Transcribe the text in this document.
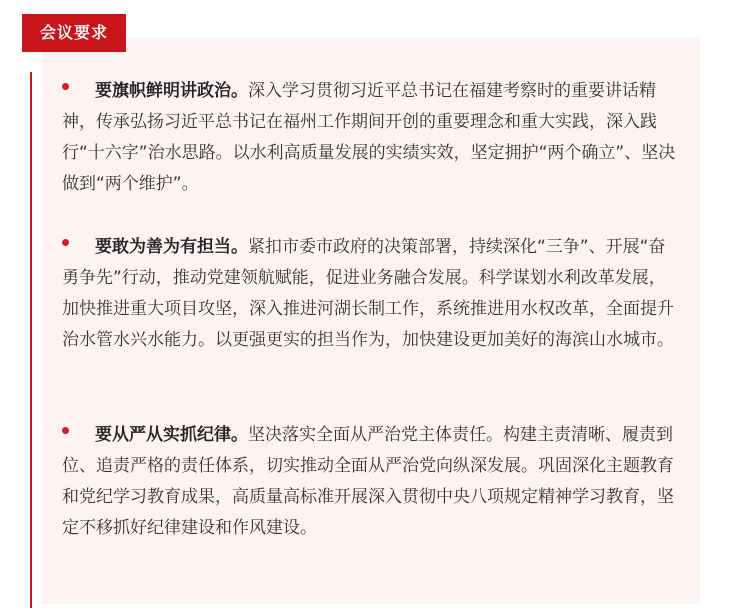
会议要求

要旗帜鲜明讲政治。深入学习贯彻习近平总书记在福建考察时的重要讲话精神，传承弘扬习近平总书记在福州工作期间开创的重要理念和重大实践，深入践行“十六字”治水思路。以水利高质量发展的实绩实效，坚定拥护“两个确立”、坚决做到“两个维护”。

要敢为善为有担当。紧扣市委市政府的决策部署，持续深化“三争”、开展“奋勇争先”行动，推动党建领航赋能，促进业务融合发展。科学谋划水利改革发展，加快推进重大项目攻坚，深入推进河湖长制工作，系统推进用水权改革，全面提升治水管水兴水能力。以更强更实的担当作为，加快建设更加美好的海滨山水城市。

要从严从实抓纪律。坚决落实全面从严治党主体责任。构建主责清晰、履责到位、追责严格的责任体系，切实推动全面从严治党向纵深发展。巩固深化主题教育和党纪学习教育成果，高质量高标准开展深入贯彻中央八项规定精神学习教育，坚定不移抓好纪律建设和作风建设。
